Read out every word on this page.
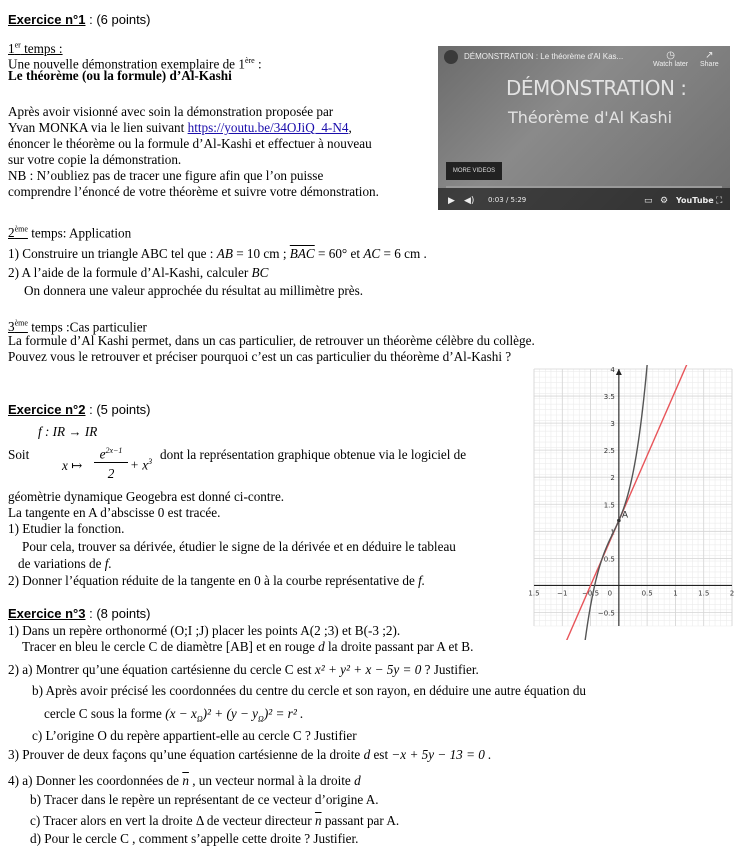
Exercice n°1 : (6 points)
1er temps :
Une nouvelle démonstration exemplaire de 1ère :
Le théorème (ou la formule) d’Al-Kashi
Après avoir visionné avec soin la démonstration proposée par
Yvan MONKA via le lien suivant https://youtu.be/34OJiQ_4-N4,
énoncer le théorème ou la formule d’Al-Kashi et effectuer à nouveau
sur votre copie la démonstration.
NB : N’oubliez pas de tracer une figure afin que l’on puisse
comprendre l’énoncé de votre théorème et suivre votre démonstration.
DÉMONSTRATION : Le théorème d'Al Kas...	◷
Watch later
↗
Share
DÉMONSTRATION :
Théorème d'Al Kashi
MORE VIDEOS
▶ ◀) 0:03 / 5:29	▭ ⚙ YouTube ⛶
2ème temps: Application
1) Construire un triangle ABC tel que : AB = 10 cm ; $\overline{BAC} = 60^\circ$ et AC = 6 cm .
2) A l’aide de la formule d’Al-Kashi, calculer BC
On donnera une valeur approchée du résultat au millimètre près.
3ème temps :Cas particulier
La formule d’Al Kashi permet, dans un cas particulier, de retrouver un théorème célèbre du collège.
Pouvez vous le retrouver et préciser pourquoi c’est un cas particulier du théorème d’Al-Kashi ?
1.5	−1 −0.5 0	0.5	1	1.5	2
−0.5
0.5
1
1.5
2
2.5
3
3.5
4
A
Exercice n°2 : (5 points)
f : IR → IR
Soit
x ↦
$e^{2x-1}$
2
+ $x^3$ dont la représentation graphique obtenue via le logiciel de
géomètrie dynamique Geogebra est donné ci-contre.
La tangente en A d’abscisse 0 est tracée.
1) Etudier la fonction.
Pour cela, trouver sa dérivée, étudier le signe de la dérivée et en déduire le tableau
de variations de f.
2) Donner l’équation réduite de la tangente en 0 à la courbe représentative de f.
Exercice n°3 : (8 points)
1) Dans un repère orthonormé (O;I ;J) placer les points A(2 ;3) et B(-3 ;2).
Tracer en bleu le cercle C de diamètre [AB] et en rouge d la droite passant par A et B.
2) a) Montrer qu’une équation cartésienne du cercle C est x² + y² + x − 5y = 0 ? Justifier.
b) Après avoir précisé les coordonnées du centre du cercle et son rayon, en déduire une autre équation du
cercle C sous la forme $(x - x_\Omega)^2 + (y - y_\Omega)^2 = r^2$ .
c) L’origine O du repère appartient-elle au cercle C ? Justifier
3) Prouver de deux façons qu’une équation cartésienne de la droite d est −x + 5y − 13 = 0 .
4) a) Donner les coordonnées de $\overline{n}$ , un vecteur normal à la droite d
b) Tracer dans le repère un représentant de ce vecteur d’origine A.
c) Tracer alors en vert la droite Δ de vecteur directeur $\overline{n}$ passant par A.
d) Pour le cercle C , comment s’appelle cette droite ? Justifier.
